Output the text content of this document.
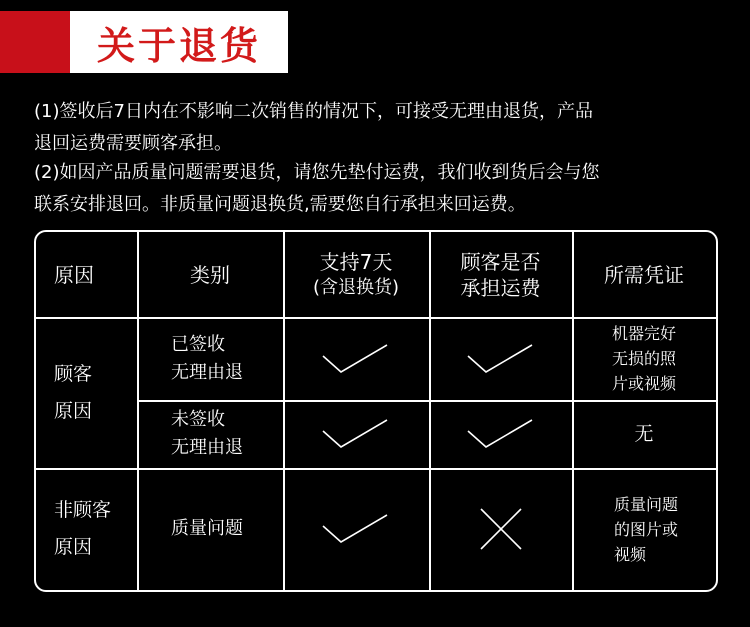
关于退货
(1)签收后7日内在不影响二次销售的情况下，可接受无理由退货，产品
退回运费需要顾客承担。
(2)如因产品质量问题需要退货，请您先垫付运费，我们收到货后会与您
联系安排退回。非质量问题退换货,需要您自行承担来回运费。
原因	类别
支持7天
(含退换货)
顾客是否
承担运费
所需凭证
顾客
原因
非顾客
原因
已签收
无理由退
机器完好
无损的照
片或视频
未签收
无理由退
无
质量问题
质量问题
的图片或
视频
